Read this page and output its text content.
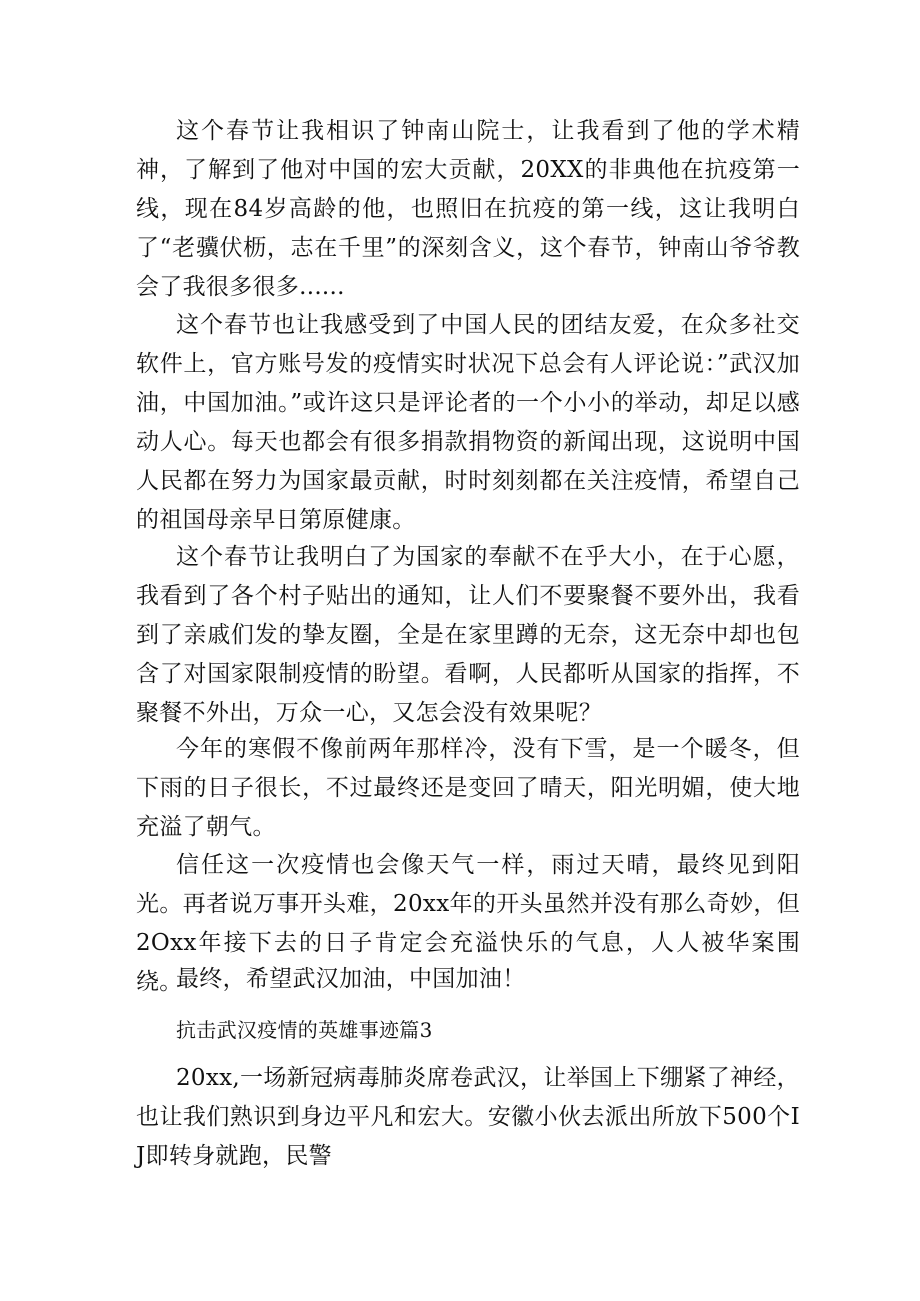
这个春节让我相识了钟南山院士，让我看到了他的学术精神，了解到了他对中国的宏大贡献，20XX的非典他在抗疫第一线，现在84岁高龄的他，也照旧在抗疫的第一线，这让我明白了“老骥伏枥，志在千里”的深刻含义，这个春节，钟南山爷爷教会了我很多很多......

这个春节也让我感受到了中国人民的团结友爱，在众多社交软件上，官方账号发的疫情实时状况下总会有人评论说：”武汉加油，中国加油。”或许这只是评论者的一个小小的举动，却足以感动人心。每天也都会有很多捐款捐物资的新闻出现，这说明中国人民都在努力为国家最贡献，时时刻刻都在关注疫情，希望自己的祖国母亲早日第原健康。

这个春节让我明白了为国家的奉献不在乎大小，在于心愿，我看到了各个村子贴出的通知，让人们不要聚餐不要外出，我看到了亲戚们发的挚友圈，全是在家里蹲的无奈，这无奈中却也包含了对国家限制疫情的盼望。看啊，人民都听从国家的指挥，不聚餐不外出，万众一心，又怎会没有效果呢？

今年的寒假不像前两年那样冷，没有下雪，是一个暖冬，但下雨的日子很长，不过最终还是变回了晴天，阳光明媚，使大地充溢了朝气。

信任这一次疫情也会像天气一样，雨过天晴，最终见到阳光。再者说万事开头难，20xx年的开头虽然并没有那么奇妙，但2Oxx年接下去的日子肯定会充溢快乐的气息，人人被华案围绕。

最终，希望武汉加油，中国加油！

抗击武汉疫情的英雄事迹篇3

20xx,一场新冠病毒肺炎席卷武汉，让举国上下绷紧了神经，也让我们熟识到身边平凡和宏大。安徽小伙去派出所放下500个IJ即转身就跑，民警
